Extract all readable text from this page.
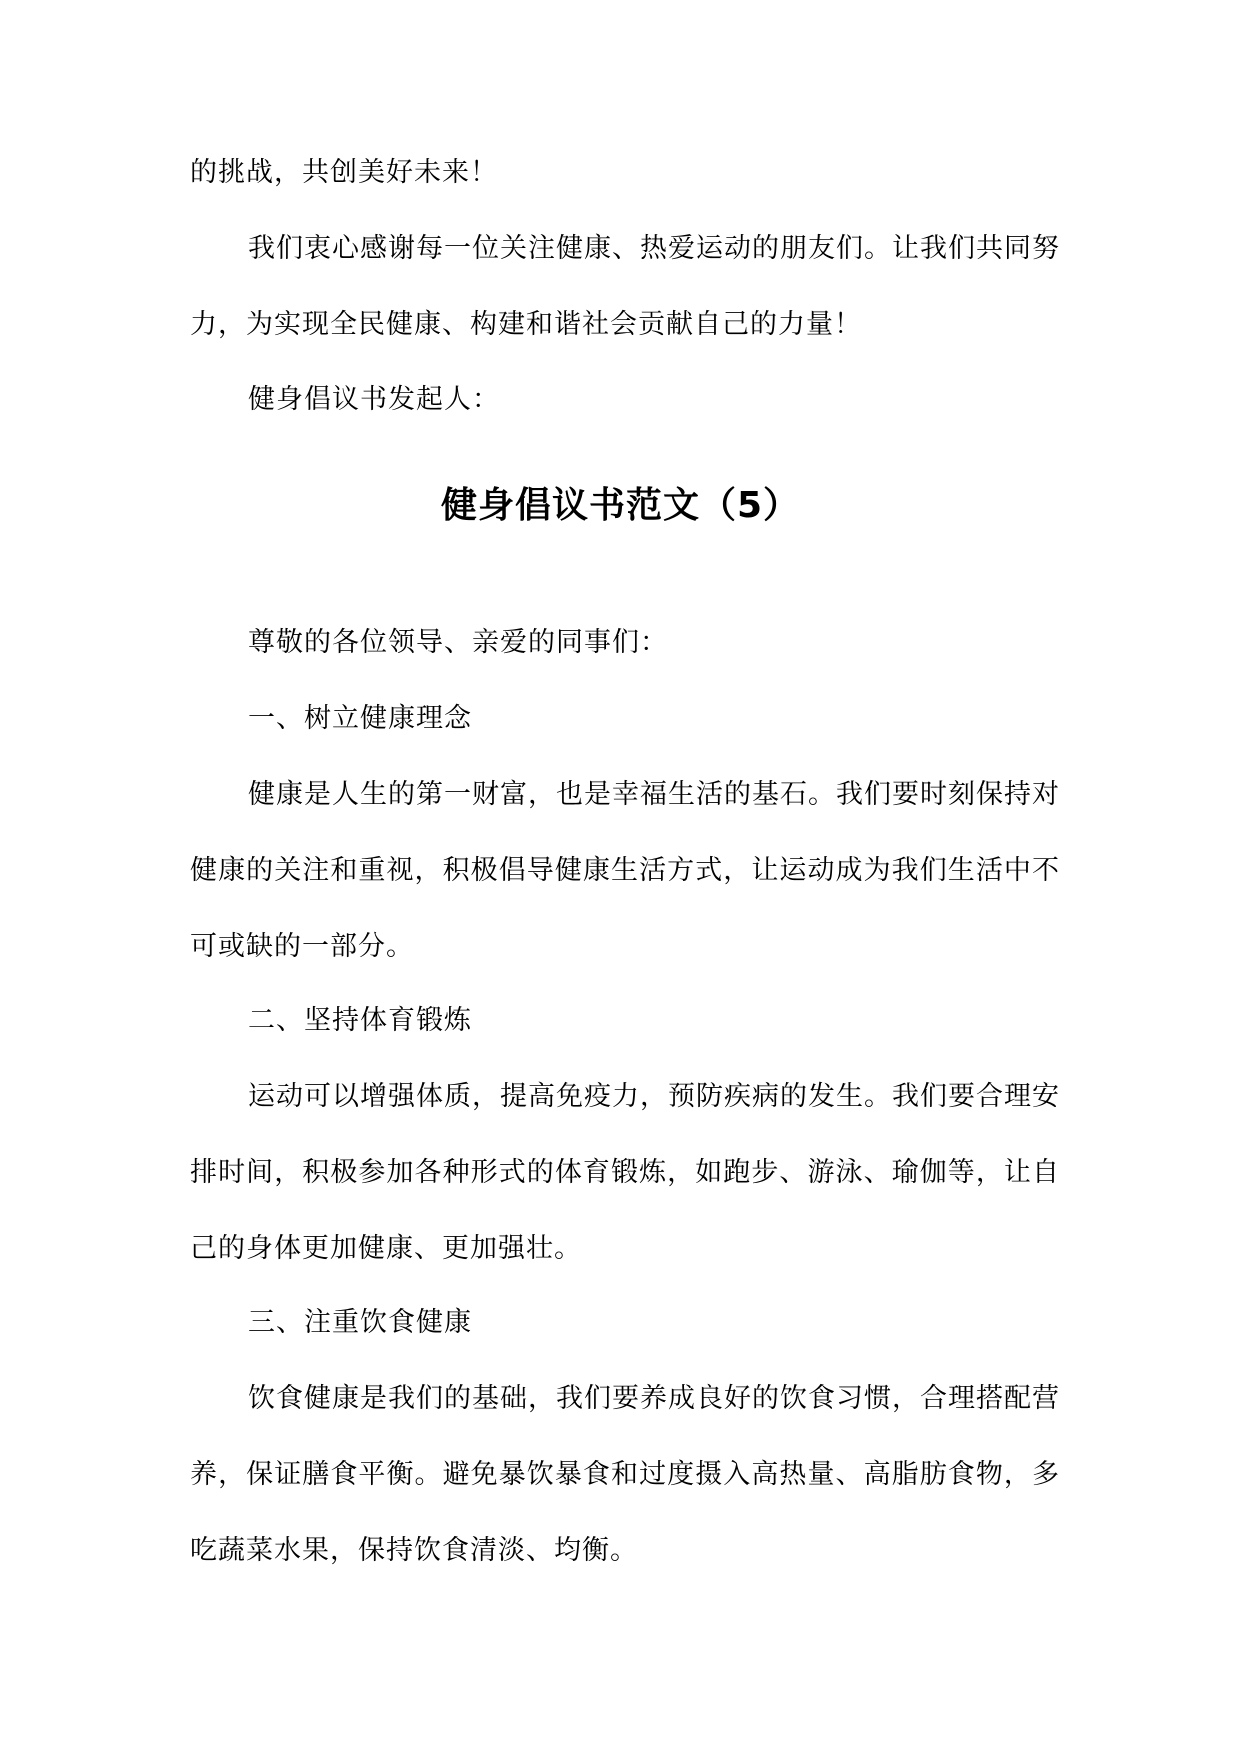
的挑战，共创美好未来！

我们衷心感谢每一位关注健康、热爱运动的朋友们。让我们共同努力，为实现全民健康、构建和谐社会贡献自己的力量！

健身倡议书发起人：

健身倡议书范文（5）

尊敬的各位领导、亲爱的同事们：

一、树立健康理念

健康是人生的第一财富，也是幸福生活的基石。我们要时刻保持对健康的关注和重视，积极倡导健康生活方式，让运动成为我们生活中不可或缺的一部分。

二、坚持体育锻炼

运动可以增强体质，提高免疫力，预防疾病的发生。我们要合理安排时间，积极参加各种形式的体育锻炼，如跑步、游泳、瑜伽等，让自己的身体更加健康、更加强壮。

三、注重饮食健康

饮食健康是我们的基础，我们要养成良好的饮食习惯，合理搭配营养，保证膳食平衡。避免暴饮暴食和过度摄入高热量、高脂肪食物，多吃蔬菜水果，保持饮食清淡、均衡。
